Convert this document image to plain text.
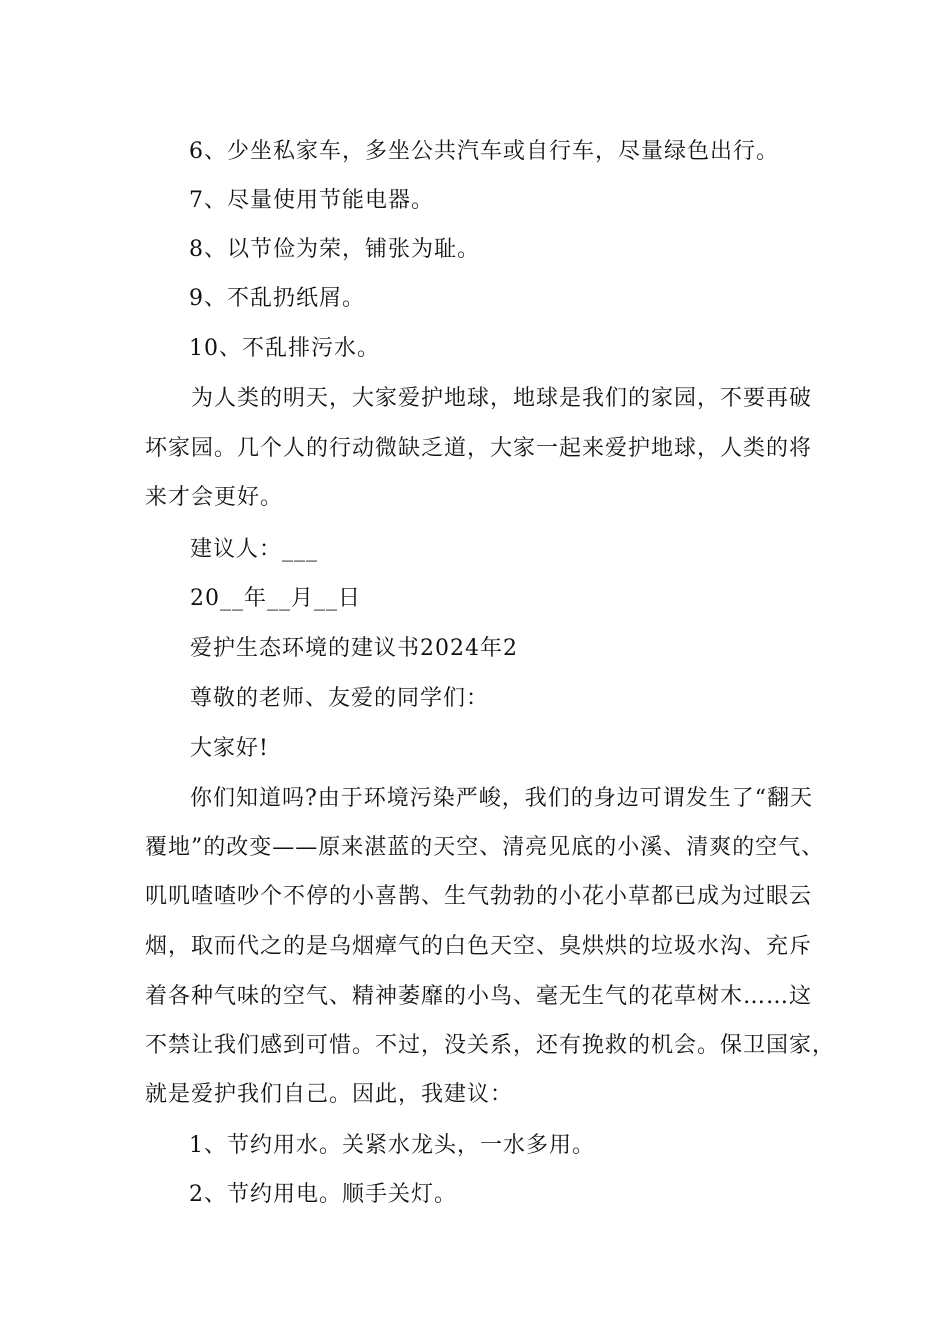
6、少坐私家车，多坐公共汽车或自行车，尽量绿色出行。
7、尽量使用节能电器。
8、以节俭为荣，铺张为耻。
9、不乱扔纸屑。
10、不乱排污水。
为人类的明天，大家爱护地球，地球是我们的家园，不要再破
坏家园。几个人的行动微缺乏道，大家一起来爱护地球，人类的将
来才会更好。
建议人：___
20__年__月__日
爱护生态环境的建议书2024年2
尊敬的老师、友爱的同学们：
大家好!
你们知道吗?由于环境污染严峻，我们的身边可谓发生了“翻天
覆地”的改变——原来湛蓝的天空、清亮见底的小溪、清爽的空气、
叽叽喳喳吵个不停的小喜鹊、生气勃勃的小花小草都已成为过眼云
烟，取而代之的是乌烟瘴气的白色天空、臭烘烘的垃圾水沟、充斥
着各种气味的空气、精神萎靡的小鸟、毫无生气的花草树木……这
不禁让我们感到可惜。不过，没关系，还有挽救的机会。保卫国家，
就是爱护我们自己。因此，我建议：
1、节约用水。关紧水龙头，一水多用。
2、节约用电。顺手关灯。
